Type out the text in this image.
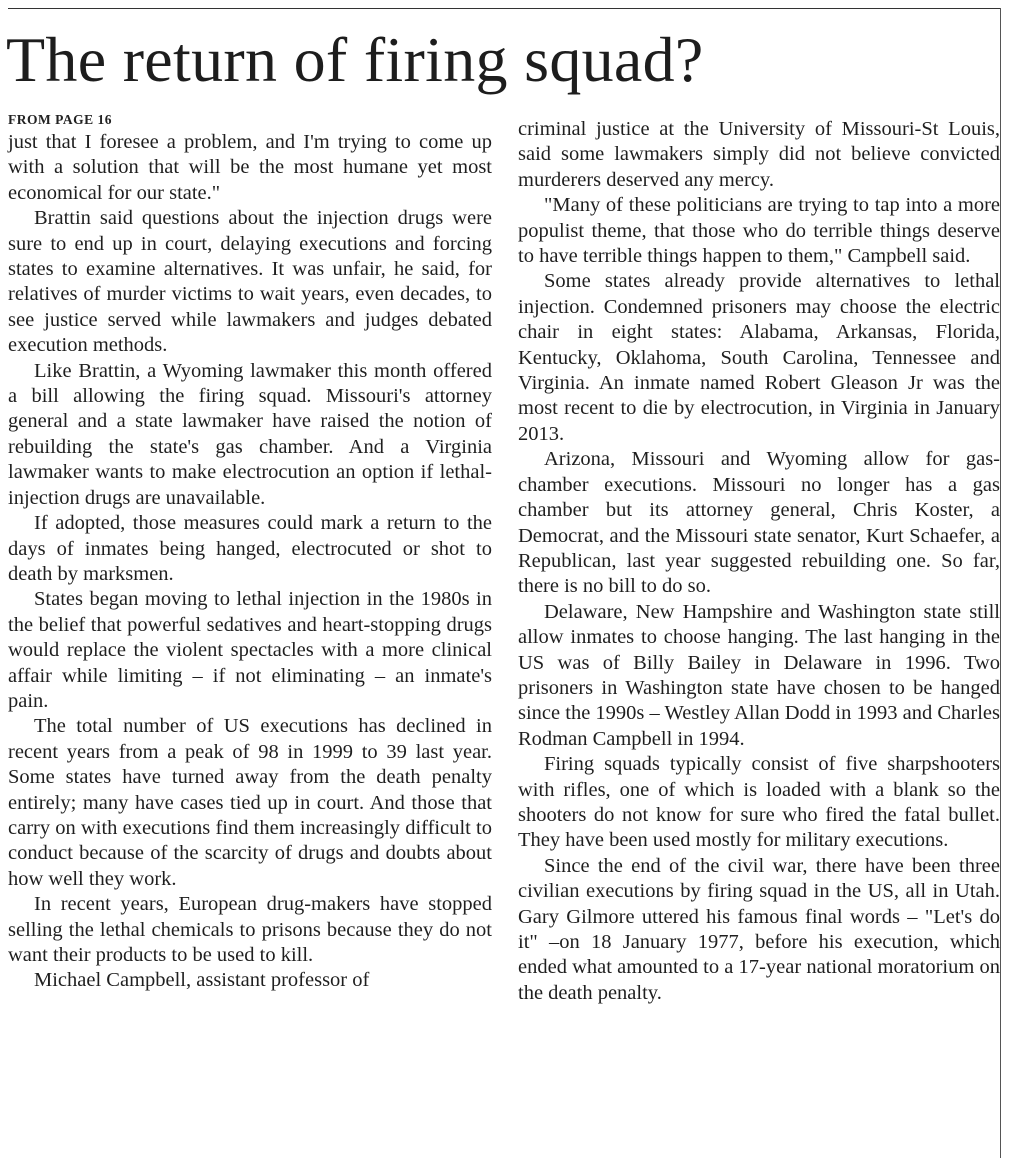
The return of firing squad?
FROM PAGE 16

just that I foresee a problem, and I'm trying to come up with a solution that will be the most humane yet most economical for our state."

Brattin said questions about the injection drugs were sure to end up in court, delaying executions and forcing states to examine alternatives. It was unfair, he said, for relatives of murder victims to wait years, even decades, to see justice served while lawmakers and judges debated execution methods.

Like Brattin, a Wyoming lawmaker this month offered a bill allowing the firing squad. Missouri's attorney general and a state lawmaker have raised the notion of rebuilding the state's gas chamber. And a Virginia lawmaker wants to make electrocution an option if lethal-injection drugs are unavailable.

If adopted, those measures could mark a return to the days of inmates being hanged, electrocuted or shot to death by marksmen.

States began moving to lethal injection in the 1980s in the belief that powerful sedatives and heart-stopping drugs would replace the violent spectacles with a more clinical affair while limiting – if not eliminating – an inmate's pain.

The total number of US executions has declined in recent years from a peak of 98 in 1999 to 39 last year. Some states have turned away from the death penalty entirely; many have cases tied up in court. And those that carry on with executions find them increasingly difficult to conduct because of the scarcity of drugs and doubts about how well they work.

In recent years, European drug-makers have stopped selling the lethal chemicals to prisons because they do not want their products to be used to kill.

Michael Campbell, assistant professor of

criminal justice at the University of Missouri-St Louis, said some lawmakers simply did not believe convicted murderers deserved any mercy.

"Many of these politicians are trying to tap into a more populist theme, that those who do terrible things deserve to have terrible things happen to them," Campbell said.

Some states already provide alternatives to lethal injection. Condemned prisoners may choose the electric chair in eight states: Alabama, Arkansas, Florida, Kentucky, Oklahoma, South Carolina, Tennessee and Virginia. An inmate named Robert Gleason Jr was the most recent to die by electrocution, in Virginia in January 2013.

Arizona, Missouri and Wyoming allow for gas-chamber executions. Missouri no longer has a gas chamber but its attorney general, Chris Koster, a Democrat, and the Missouri state senator, Kurt Schaefer, a Republican, last year suggested rebuilding one. So far, there is no bill to do so.

Delaware, New Hampshire and Washington state still allow inmates to choose hanging. The last hanging in the US was of Billy Bailey in Delaware in 1996. Two prisoners in Washington state have chosen to be hanged since the 1990s – Westley Allan Dodd in 1993 and Charles Rodman Campbell in 1994.

Firing squads typically consist of five sharpshooters with rifles, one of which is loaded with a blank so the shooters do not know for sure who fired the fatal bullet. They have been used mostly for military executions.

Since the end of the civil war, there have been three civilian executions by firing squad in the US, all in Utah. Gary Gilmore uttered his famous final words – "Let's do it" –on 18 January 1977, before his execution, which ended what amounted to a 17-year national moratorium on the death penalty.
